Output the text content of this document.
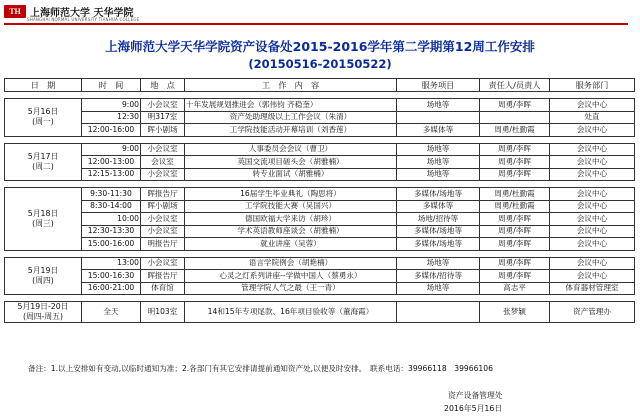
TH 上海师范大学 天华学院
SHANGHAI NORMAL UNIVERSITY TIANHUA COLLEGE
上海师范大学天华学院资产设备处2015-2016学年第二学期第12周工作安排
(20150516-20150522)
日　期	时　间	地　点	工　作　内　容	服务项目	责任人/员责人	服务部门

5月16日
(周一)	9:00	小会议室	十年发展规划推进会（郭伟钧 齐稳奎）	场地等	周勇/李晖	会议中心
	12:30	明317室	资产处助理级以上工作会议（朱清）			处直
	12:00-16:00	晖小剧场	工学院技能活动开幕培训（刘香莲）	多媒体等	周勇/杜勤霞	会议中心

5月17日
(周二)	9:00	小会议室	人事委员会会议（曹卫）	场地等	周勇/李晖	会议中心
	12:00-13:00	会议室	英国交流项目磋头会（胡雅楠）	场地等	周勇/李晖	会议中心
	12:15-13:00	小会议室	转专业面试（胡雅楠）	场地等	周勇/李晖	会议中心

5月18日
(周三)	9:30-11:30	晖报告厅	16届学生毕业典礼（陶思将）	多媒体/场地等	周勇/杜勤霞	会议中心
	8:30-14:00	晖小剧场	工学院技能大赛（吴国兴）	多媒体等	周勇/杜勤霞	会议中心
	10:00	小会议室	德国欧福大学来访（胡珍）	场地/招待等	周勇/李晖	会议中心
	12:30-13:30	小会议室	学术英语教师座谈会（胡雅楠）	多媒体/场地等	周勇/李晖	会议中心
	15:00-16:00	明报告厅	就业讲座（吴蓉）	多媒体/场地等	周勇/李晖	会议中心

5月19日
(周四)	13:00	小会议室	语言学院例会（胡艳楠）	场地等	周勇/李晖	会议中心
	15:00-16:30	晖报告厅	心灵之灯系列讲座--学做中国人（蔡勇永）	多媒体/招待等	周勇/李晖	会议中心
	16:00-21:00	体育馆	管理学院人气之最（王一青）	场地等	高志平	体育器材管理室

5月19日-20日
(周四-周五)	全天	明103室	14和15年专项尾款、16年项目验收等（董海霞）		张梦颖	资产管理办
备注：1.以上安排如有变动,以临时通知为准；2.各部门有其它安排请提前通知资产处,以便及时安排。　联系电话：39966118　39966106
资产设备管理处
2016年5月16日
